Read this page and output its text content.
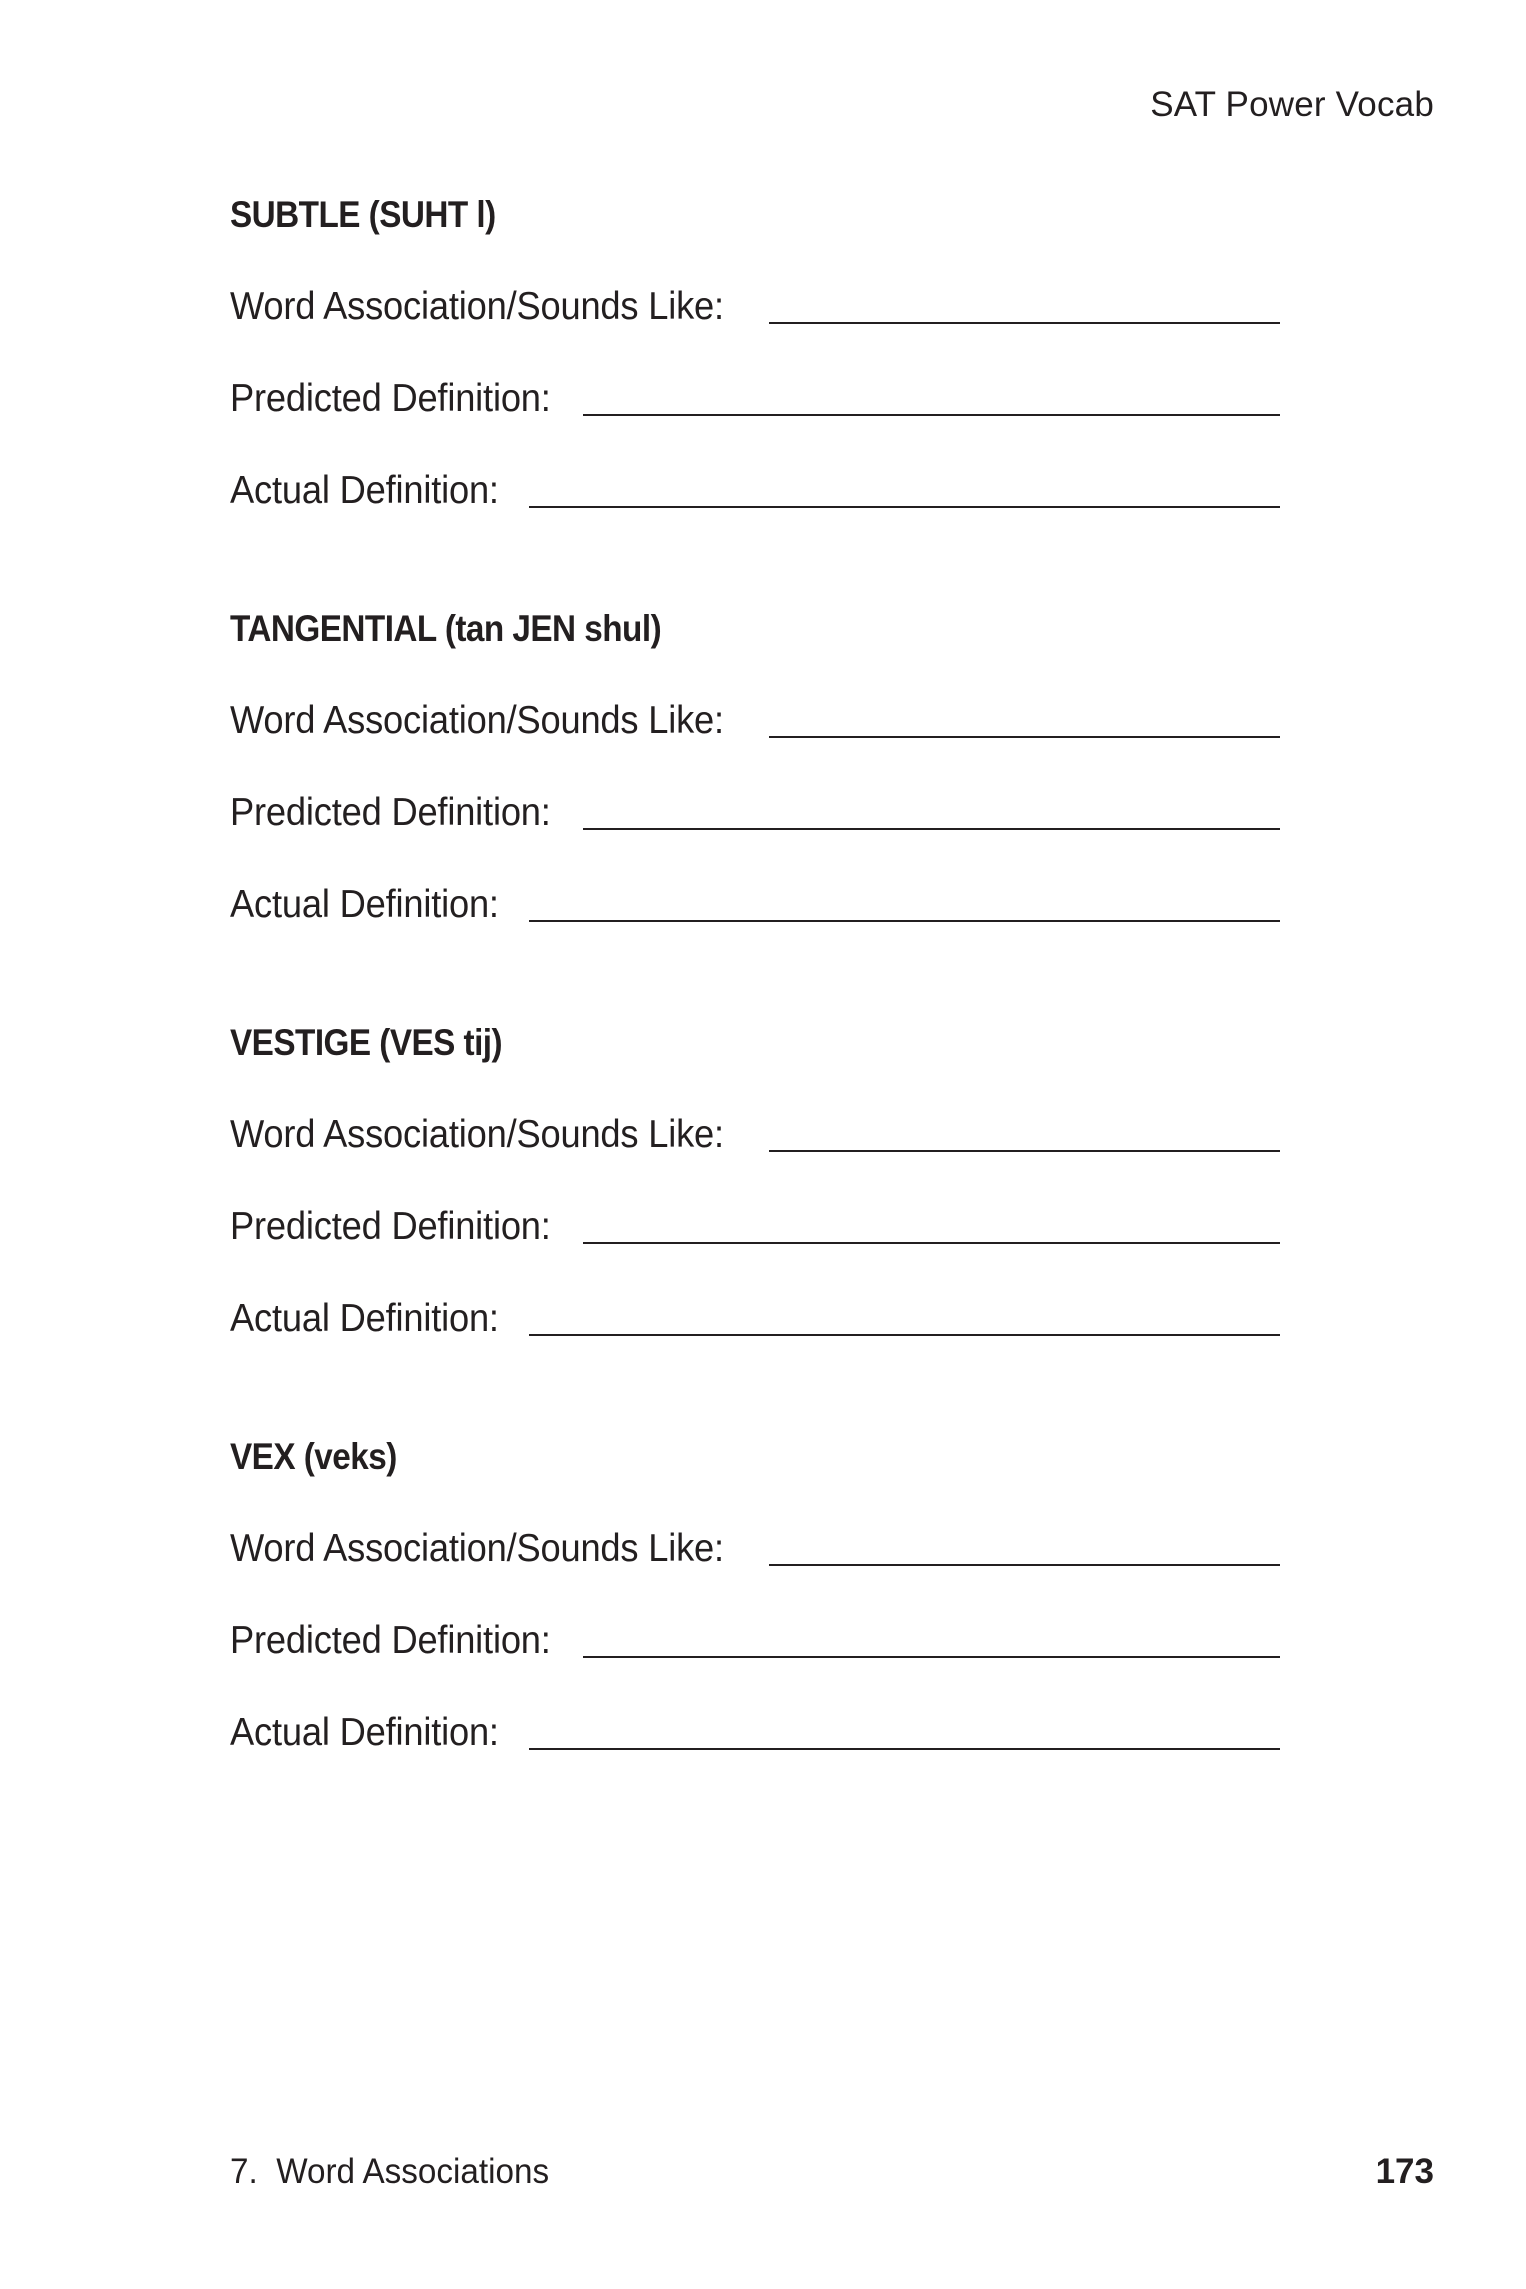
SAT Power Vocab
SUBTLE (SUHT l)
Word Association/Sounds Like:
Predicted Definition:
Actual Definition:
TANGENTIAL (tan JEN shul)
Word Association/Sounds Like:
Predicted Definition:
Actual Definition:
VESTIGE (VES tij)
Word Association/Sounds Like:
Predicted Definition:
Actual Definition:
VEX (veks)
Word Association/Sounds Like:
Predicted Definition:
Actual Definition:
7.  Word Associations	173
